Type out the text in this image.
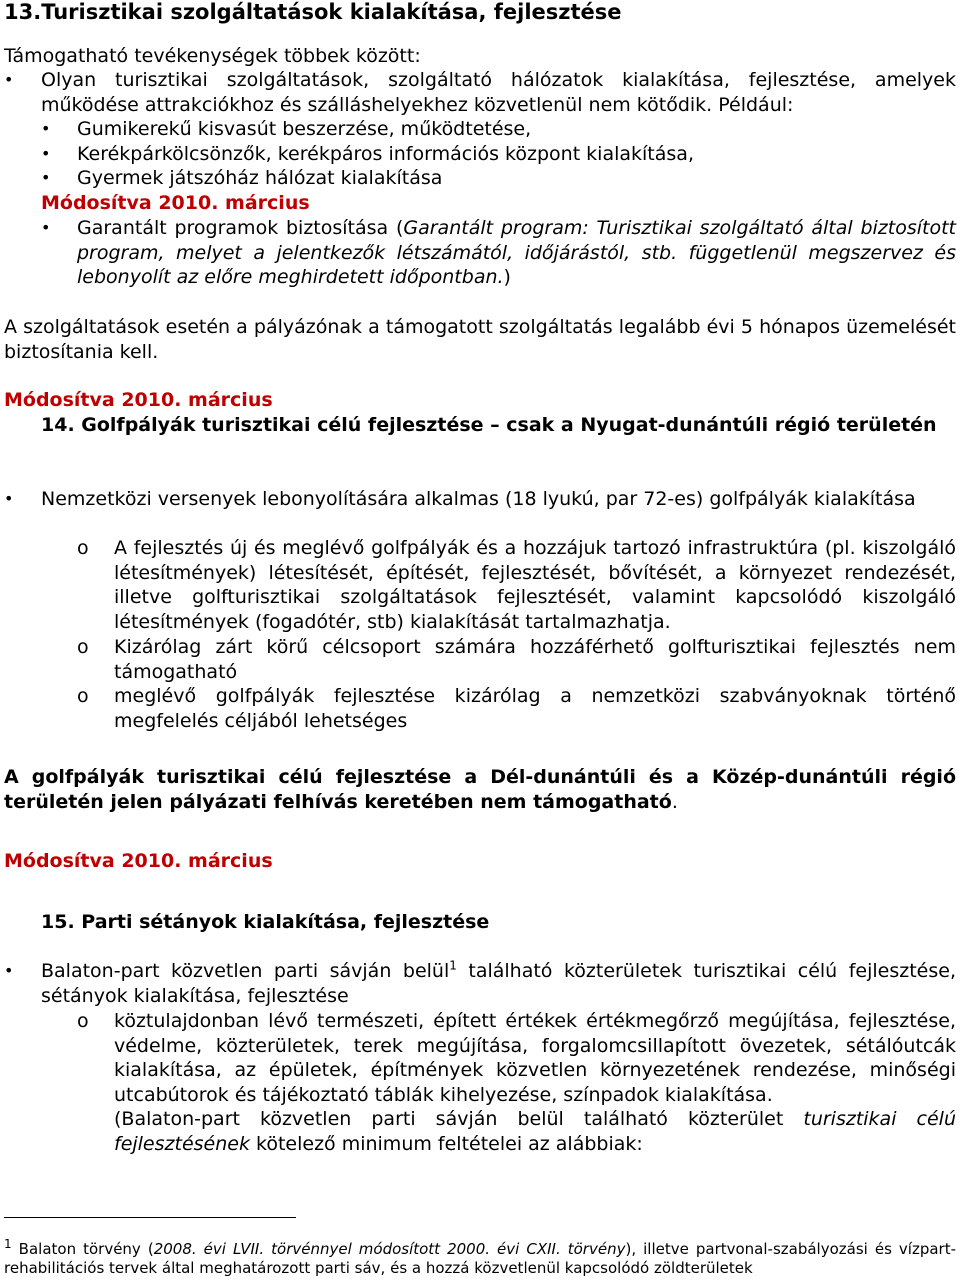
13.Turisztikai szolgáltatások kialakítása, fejlesztése
Támogatható tevékenységek többek között:
• Olyan turisztikai szolgáltatások, szolgáltató hálózatok kialakítása, fejlesztése, amelyek működése attrakciókhoz és szálláshelyekhez közvetlenül nem kötődik. Például:
• Gumikerekű kisvasút beszerzése, működtetése,
• Kerékpárkölcsönzők, kerékpáros információs központ kialakítása,
• Gyermek játszóház hálózat kialakítása
Módosítva 2010. március
• Garantált programok biztosítása (Garantált program: Turisztikai szolgáltató által biztosított program, melyet a jelentkezők létszámától, időjárástól, stb. függetlenül megszervez és lebonyolít az előre meghirdetett időpontban.)
A szolgáltatások esetén a pályázónak a támogatott szolgáltatás legalább évi 5 hónapos üzemelését biztosítania kell.
Módosítva 2010. március
14. Golfpályák turisztikai célú fejlesztése – csak a Nyugat-dunántúli régió területén
• Nemzetközi versenyek lebonyolítására alkalmas (18 lyukú, par 72-es) golfpályák kialakítása
o A fejlesztés új és meglévő golfpályák és a hozzájuk tartozó infrastruktúra (pl. kiszolgáló létesítmények) létesítését, építését, fejlesztését, bővítését, a környezet rendezését, illetve golfturisztikai szolgáltatások fejlesztését, valamint kapcsolódó kiszolgáló létesítmények (fogadótér, stb) kialakítását tartalmazhatja.
o Kizárólag zárt körű célcsoport számára hozzáférhető golfturisztikai fejlesztés nem támogatható
o meglévő golfpályák fejlesztése kizárólag a nemzetközi szabványoknak történő megfelelés céljából lehetséges
A golfpályák turisztikai célú fejlesztése a Dél-dunántúli és a Közép-dunántúli régió területén jelen pályázati felhívás keretében nem támogatható.
Módosítva 2010. március
15. Parti sétányok kialakítása, fejlesztése
• Balaton-part közvetlen parti sávján belül$^1$ található közterületek turisztikai célú fejlesztése, sétányok kialakítása, fejlesztése
o köztulajdonban lévő természeti, épített értékek értékmegőrző megújítása, fejlesztése, védelme, közterületek, terek megújítása, forgalomcsillapított övezetek, sétálóutcák kialakítása, az épületek, építmények közvetlen környezetének rendezése, minőségi utcabútorok és tájékoztató táblák kihelyezése, színpadok kialakítása.
(Balaton-part közvetlen parti sávján belül található közterület turisztikai célú fejlesztésének kötelező minimum feltételei az alábbiak:
$^1$ Balaton törvény (2008. évi LVII. törvénnyel módosított 2000. évi CXII. törvény), illetve partvonal-szabályozási és vízpart-rehabilitációs tervek által meghatározott parti sáv, és a hozzá közvetlenül kapcsolódó zöldterületek
